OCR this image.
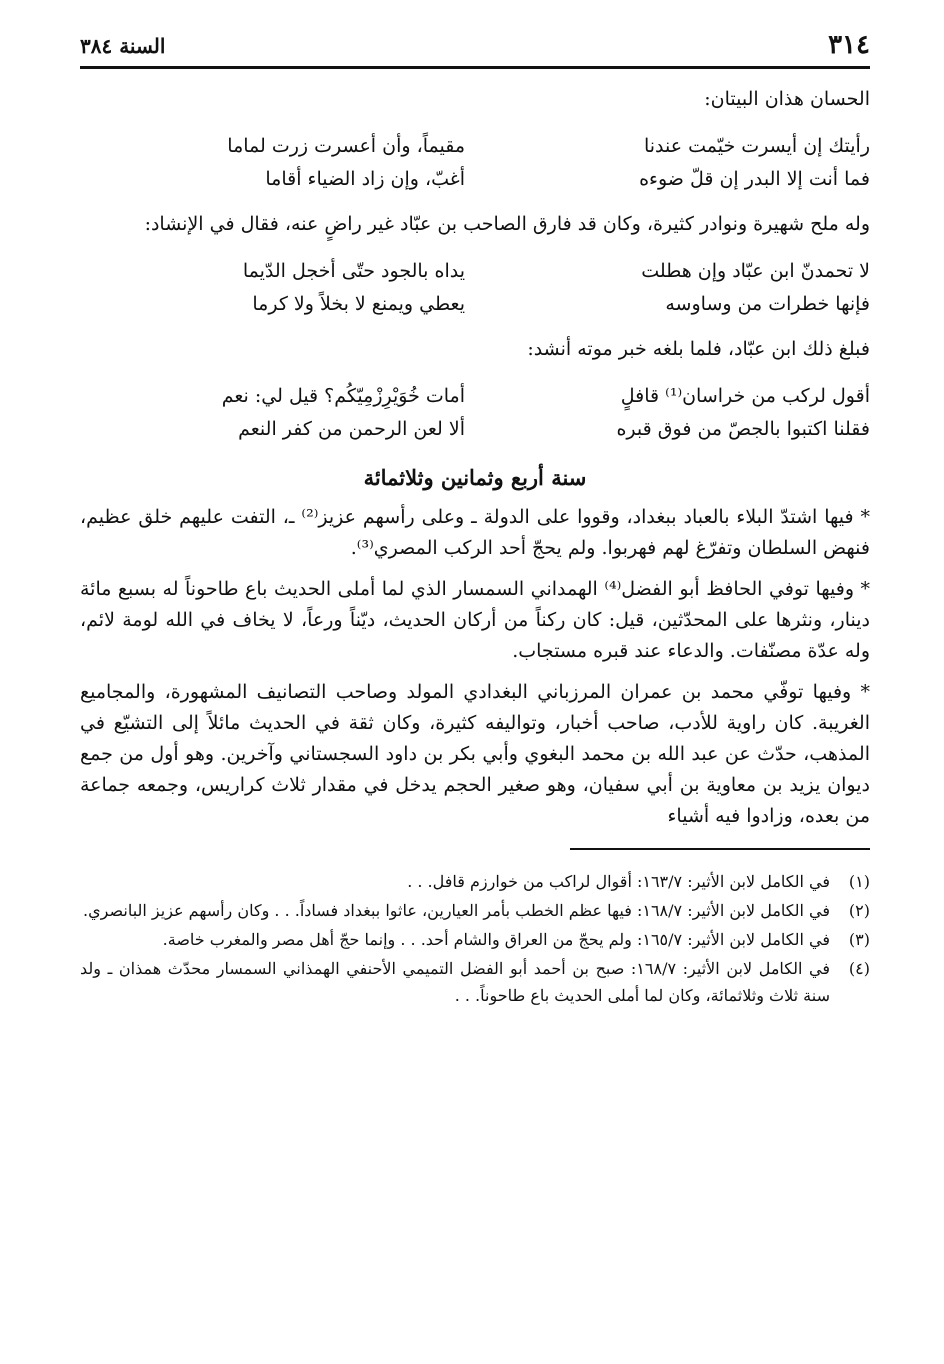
٣١٤
السنة ٣٨٤

الحسان هذان البيتان:

رأيتك إن أيسرت خيّمت عندنا
مقيماً، وأن أعسرت زرت لماما
فما أنت إلا البدر إن قلّ ضوءه
أغبّ، وإن زاد الضياء أقاما

وله ملح شهيرة ونوادر كثيرة، وكان قد فارق الصاحب بن عبّاد غير راضٍ عنه، فقال في الإنشاد:

لا تحمدنّ ابن عبّاد وإن هطلت
يداه بالجود حتّى أخجل الدّيما
فإنها خطرات من وساوسه
يعطي ويمنع لا بخلاً ولا كرما

فبلغ ذلك ابن عبّاد، فلما بلغه خبر موته أنشد:

أقول لركب من خراسان⁽¹⁾ قافلٍ
أمات خُوَيْرِزْمِيّكُم؟ قيل لي: نعم
فقلنا اكتبوا بالجصّ من فوق قبره
ألا لعن الرحمن من كفر النعم
سنة أربع وثمانين وثلاثمائة

* فيها اشتدّ البلاء بالعباد ببغداد، وقووا على الدولة ـ وعلى رأسهم عزيز⁽²⁾ ـ، التفت عليهم خلق عظيم، فنهض السلطان وتفرّغ لهم فهربوا. ولم يحجّ أحد الركب المصري⁽³⁾.

* وفيها توفي الحافظ أبو الفضل⁽⁴⁾ الهمداني السمسار الذي لما أملى الحديث باع طاحوناً له بسبع مائة دينار، ونثرها على المحدّثين، قيل: كان ركناً من أركان الحديث، ديّناً ورعاً، لا يخاف في الله لومة لائم، وله عدّة مصنّفات. والدعاء عند قبره مستجاب.

* وفيها توفّي محمد بن عمران المرزباني البغدادي المولد وصاحب التصانيف المشهورة، والمجاميع الغريبة. كان راوية للأدب، صاحب أخبار، وتواليفه كثيرة، وكان ثقة في الحديث مائلاً إلى التشيّع في المذهب، حدّث عن عبد الله بن محمد البغوي وأبي بكر بن داود السجستاني وآخرين. وهو أول من جمع ديوان يزيد بن معاوية بن أبي سفيان، وهو صغير الحجم يدخل في مقدار ثلاث كراريس، وجمعه جماعة من بعده، وزادوا فيه أشياء

(١)
في الكامل لابن الأثير: ١٦٣/٧: أقوال لراكب من خوارزم قافل. . .
(٢)
في الكامل لابن الأثير: ١٦٨/٧: فيها عظم الخطب بأمر العيارين، عاثوا ببغداد فساداً. . . وكان رأسهم عزيز البانصري.
(٣)
في الكامل لابن الأثير: ١٦٥/٧: ولم يحجّ من العراق والشام أحد. . . وإنما حجّ أهل مصر والمغرب خاصة.
(٤)
في الكامل لابن الأثير: ١٦٨/٧: صبح بن أحمد أبو الفضل التميمي الأحنفي الهمذاني السمسار محدّث همذان ـ ولد سنة ثلاث وثلاثمائة، وكان لما أملى الحديث باع طاحوناً. . .
